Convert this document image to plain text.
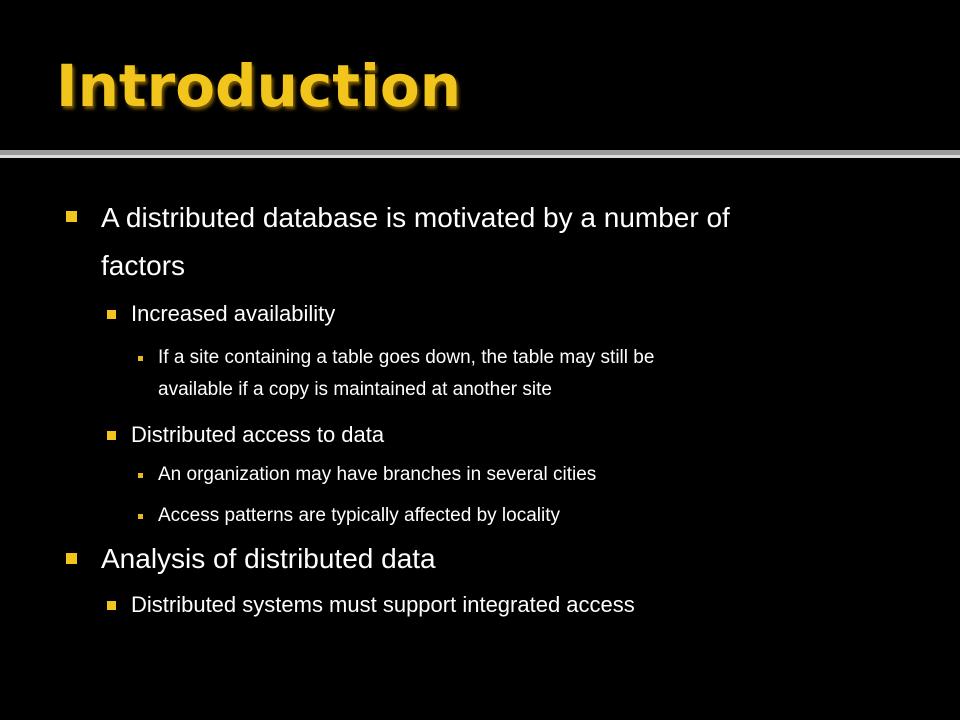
Introduction
A distributed database is motivated by a number of
factors
Increased availability
If a site containing a table goes down, the table may still be
available if a copy is maintained at another site
Distributed access to data
An organization may have branches in several cities
Access patterns are typically affected by locality
Analysis of distributed data
Distributed systems must support integrated access
